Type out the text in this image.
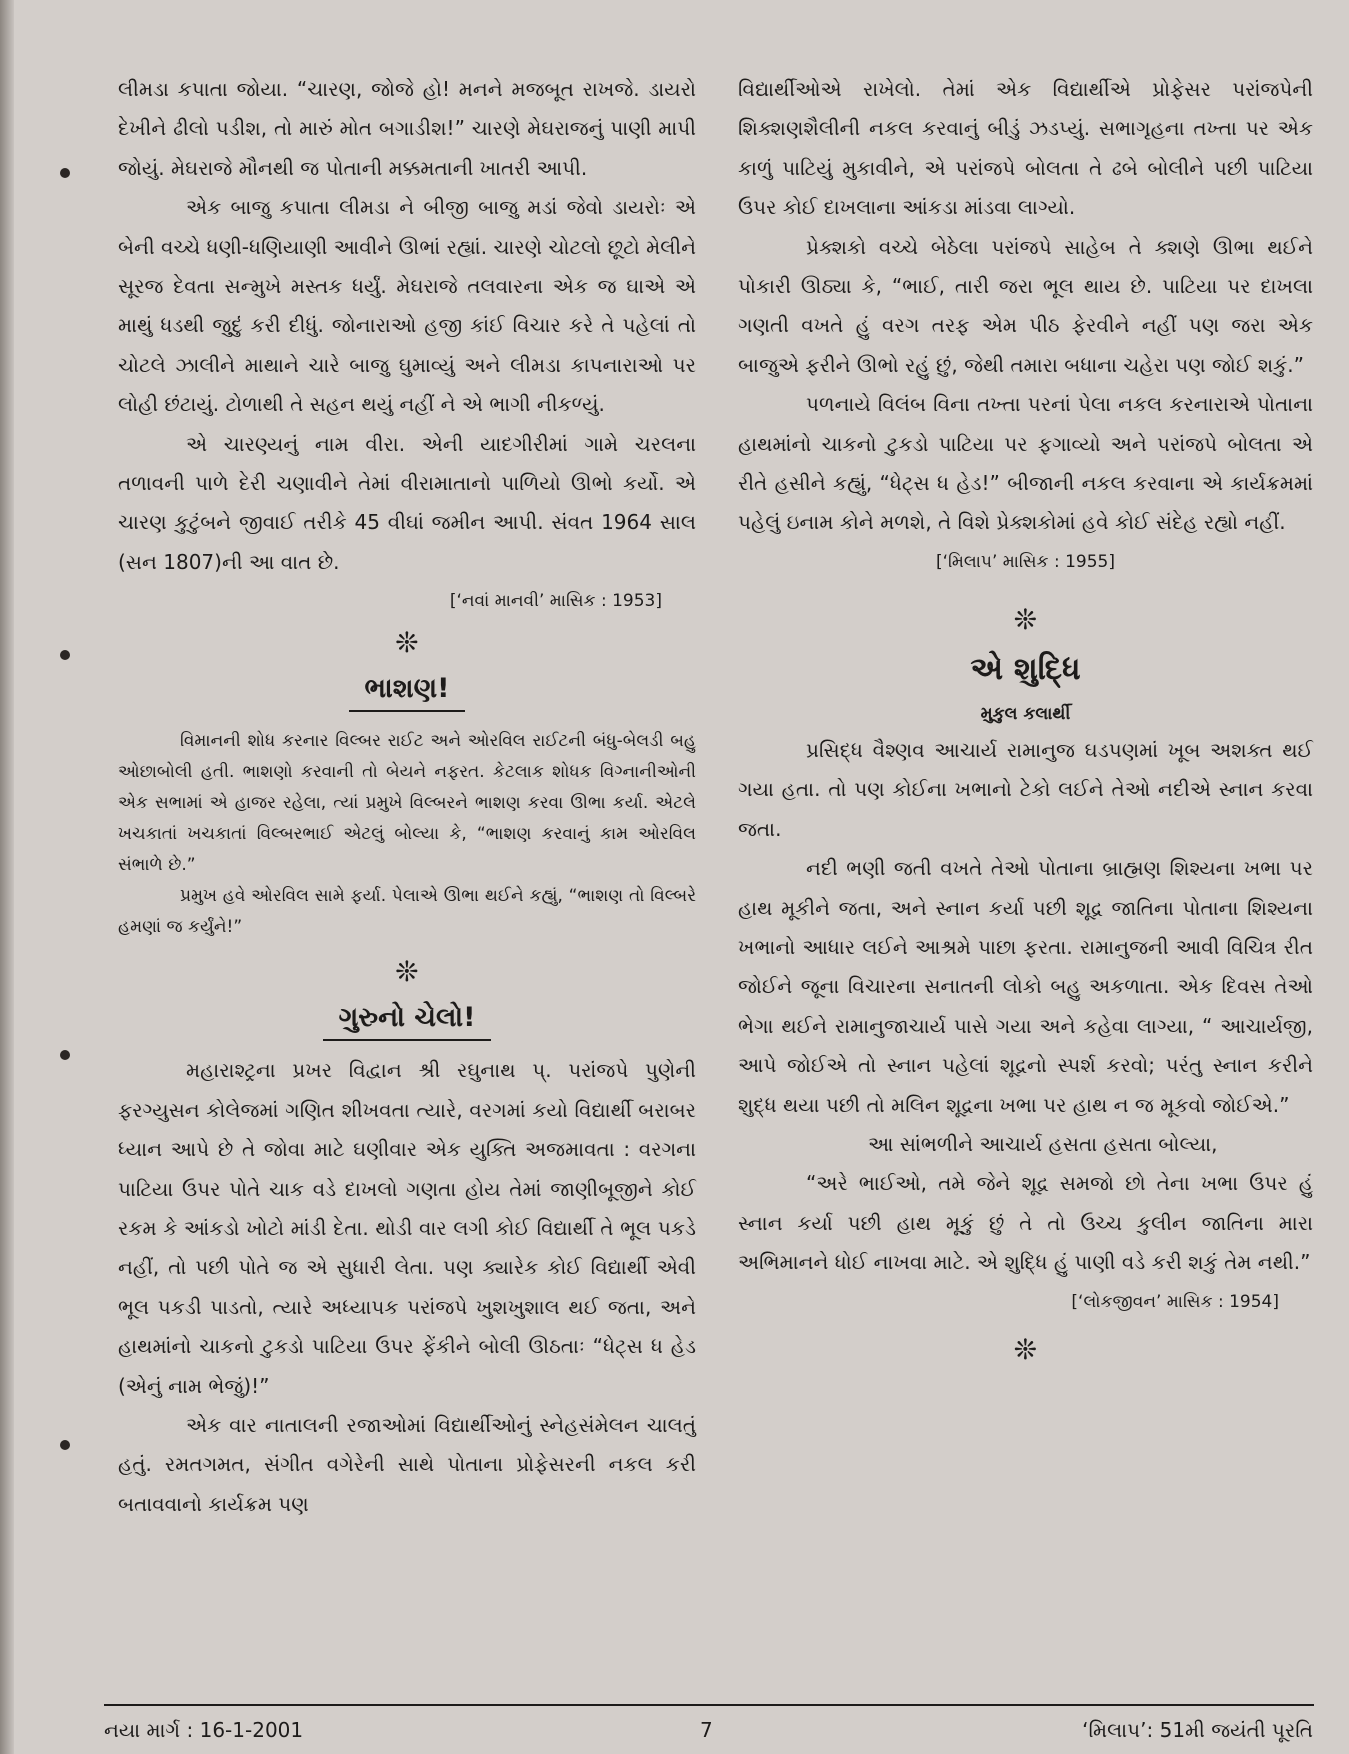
લીમડા કપાતા જોયા. “ચારણ, જોજે હો! મનને મજબૂત રાખજે. ડાયરો દેખીને ઢીલો પડીશ, તો મારું મોત બગાડીશ!” ચારણે મેઘરાજનું પાણી માપી જોયું. મેઘરાજે મૌનથી જ પોતાની મક્કમતાની ખાતરી આપી.

એક બાજુ કપાતા લીમડા ને બીજી બાજુ મડાં જેવો ડાયરોઃ એ બેની વચ્ચે ધણી-ધણિયાણી આવીને ઊભાં રહ્યાં. ચારણે ચોટલો છૂટો મેલીને સૂરજ દેવતા સન્મુખે મસ્તક ધર્યું. મેઘરાજે તલવારના એક જ ઘાએ એ માથું ધડથી જુદું કરી દીધું. જોનારાઓ હજી કાંઈ વિચાર કરે તે પહેલાં તો ચોટલે ઝાલીને માથાને ચારે બાજુ ઘુમાવ્યું અને લીમડા કાપનારાઓ પર લોહી છંટાયું. ટોળાથી તે સહન થયું નહીં ને એ ભાગી નીકળ્યું.

એ ચારણ્યનું નામ વીરા. એની યાદગીરીમાં ગામે ચરલના તળાવની પાળે દેરી ચણાવીને તેમાં વીરામાતાનો પાળિયો ઊભો કર્યો. એ ચારણ કુટુંબને જીવાઈ તરીકે 45 વીઘાં જમીન આપી. સંવત 1964 સાલ (સન 1807)ની આ વાત છે.

[‘નવાં માનવી’ માસિક : 1953]
❊
ભાશણ!

વિમાનની શોધ કરનાર વિલ્બર રાઈટ અને ઓરવિલ રાઈટની બંધુ-બેલડી બહુ ઓછાબોલી હતી. ભાશણો કરવાની તો બેયને નફરત. કેટલાક શોધક વિગ્નાનીઓની એક સભામાં એ હાજર રહેલા, ત્યાં પ્રમુખે વિલ્બરને ભાશણ કરવા ઊભા કર્યા. એટલે ખચકાતાં ખચકાતાં વિલ્બરભાઈ એટલું બોલ્યા કે, “ભાશણ કરવાનું કામ ઓરવિલ સંભાળે છે.”

પ્રમુખ હવે ઓરવિલ સામે ફર્યા. પેલાએ ઊભા થઈને કહ્યું, “ભાશણ તો વિલ્બરે હમણાં જ કર્યુંને!”

❊
ગુરુનો ચેલો!

મહારાશ્ટ્રના પ્રખર વિદ્વાન શ્રી રઘુનાથ પ્. પરાંજપે પુણેની ફરગ્યુસન કોલેજમાં ગણિત શીખવતા ત્યારે, વરગમાં કયો વિદ્યાર્થી બરાબર ધ્યાન આપે છે તે જોવા માટે ઘણીવાર એક યુક્તિ અજમાવતા : વરગના પાટિયા ઉપર પોતે ચાક વડે દાખલો ગણતા હોય તેમાં જાણીબૂજીને કોઈ રકમ કે આંકડો ખોટો માંડી દેતા. થોડી વાર લગી કોઈ વિદ્યાર્થી તે ભૂલ પકડે નહીં, તો પછી પોતે જ એ સુધારી લેતા. પણ ક્યારેક કોઈ વિદ્યાર્થી એવી ભૂલ પકડી પાડતો, ત્યારે અધ્યાપક પરાંજપે ખુશખુશાલ થઈ જતા, અને હાથમાંનો ચાકનો ટુકડો પાટિયા ઉપર ફેંકીને બોલી ઊઠતાઃ “ધેટ્સ ધ હેડ (એનું નામ ભેજું)!”

એક વાર નાતાલની રજાઓમાં વિદ્યાર્થીઓનું સ્નેહસંમેલન ચાલતું હતું. રમતગમત, સંગીત વગેરેની સાથે પોતાના પ્રોફેસરની નકલ કરી બતાવવાનો કાર્યક્રમ પણ

વિદ્યાર્થીઓએ રાખેલો. તેમાં એક વિદ્યાર્થીએ પ્રોફેસર પરાંજપેની શિક્શણશૈલીની નકલ કરવાનું બીડું ઝડપ્યું. સભાગૃહના તખ્તા પર એક કાળું પાટિયું મુકાવીને, એ પરાંજપે બોલતા તે ઢબે બોલીને પછી પાટિયા ઉપર કોઈ દાખલાના આંકડા માંડવા લાગ્યો.

પ્રેક્શકો વચ્ચે બેઠેલા પરાંજપે સાહેબ તે ક્શણે ઊભા થઈને પોકારી ઊઠ્યા કે, “ભાઈ, તારી જરા ભૂલ થાય છે. પાટિયા પર દાખલા ગણતી વખતે હું વરગ તરફ એમ પીઠ ફેરવીને નહીં પણ જરા એક બાજુએ ફરીને ઊભો રહું છું, જેથી તમારા બધાના ચહેરા પણ જોઈ શકું.”

પળનાયે વિલંબ વિના તખ્તા પરનાં પેલા નકલ કરનારાએ પોતાના હાથમાંનો ચાકનો ટુકડો પાટિયા પર ફગાવ્યો અને પરાંજપે બોલતા એ રીતે હસીને કહ્યું, “ધેટ્સ ધ હેડ!” બીજાની નકલ કરવાના એ કાર્યક્રમમાં પહેલું ઇનામ કોને મળશે, તે વિશે પ્રેક્શકોમાં હવે કોઈ સંદેહ રહ્યો નહીં.

[‘મિલાપ’ માસિક : 1955]
❊
એ શુદ્ધિ
મુકુલ કલાર્થી

પ્રસિદ્ધ વૈશ્ણવ આચાર્ય રામાનુજ ઘડપણમાં ખૂબ અશક્ત થઈ ગયા હતા. તો પણ કોઈના ખભાનો ટેકો લઈને તેઓ નદીએ સ્નાન કરવા જતા.

નદી ભણી જતી વખતે તેઓ પોતાના બ્રાહ્મણ શિશ્યના ખભા પર હાથ મૂકીને જતા, અને સ્નાન કર્યા પછી શૂદ્ર જાતિના પોતાના શિશ્યના ખભાનો આધાર લઈને આશ્રમે પાછા ફરતા. રામાનુજની આવી વિચિત્ર રીત જોઈને જૂના વિચારના સનાતની લોકો બહુ અકળાતા. એક દિવસ તેઓ ભેગા થઈને રામાનુજાચાર્ય પાસે ગયા અને કહેવા લાગ્યા, “ આચાર્યજી, આપે જોઈએ તો સ્નાન પહેલાં શૂદ્રનો સ્પર્શ કરવો; પરંતુ સ્નાન કરીને શુદ્ધ થયા પછી તો મલિન શૂદ્રના ખભા પર હાથ ન જ મૂકવો જોઈએ.”

આ સાંભળીને આચાર્ય હસતા હસતા બોલ્યા,

“અરે ભાઈઓ, તમે જેને શૂદ્ર સમજો છો તેના ખભા ઉપર હું સ્નાન કર્યા પછી હાથ મૂકું છું તે તો ઉચ્ચ કુલીન જાતિના મારા અભિમાનને ધોઈ નાખવા માટે. એ શુદ્ધિ હું પાણી વડે કરી શકું તેમ નથી.”

[‘લોકજીવન’ માસિક : 1954]
❊
નયા માર્ગ : 16-1-2001	7	‘મિલાપ’: 51મી જયંતી પૂરતિ
